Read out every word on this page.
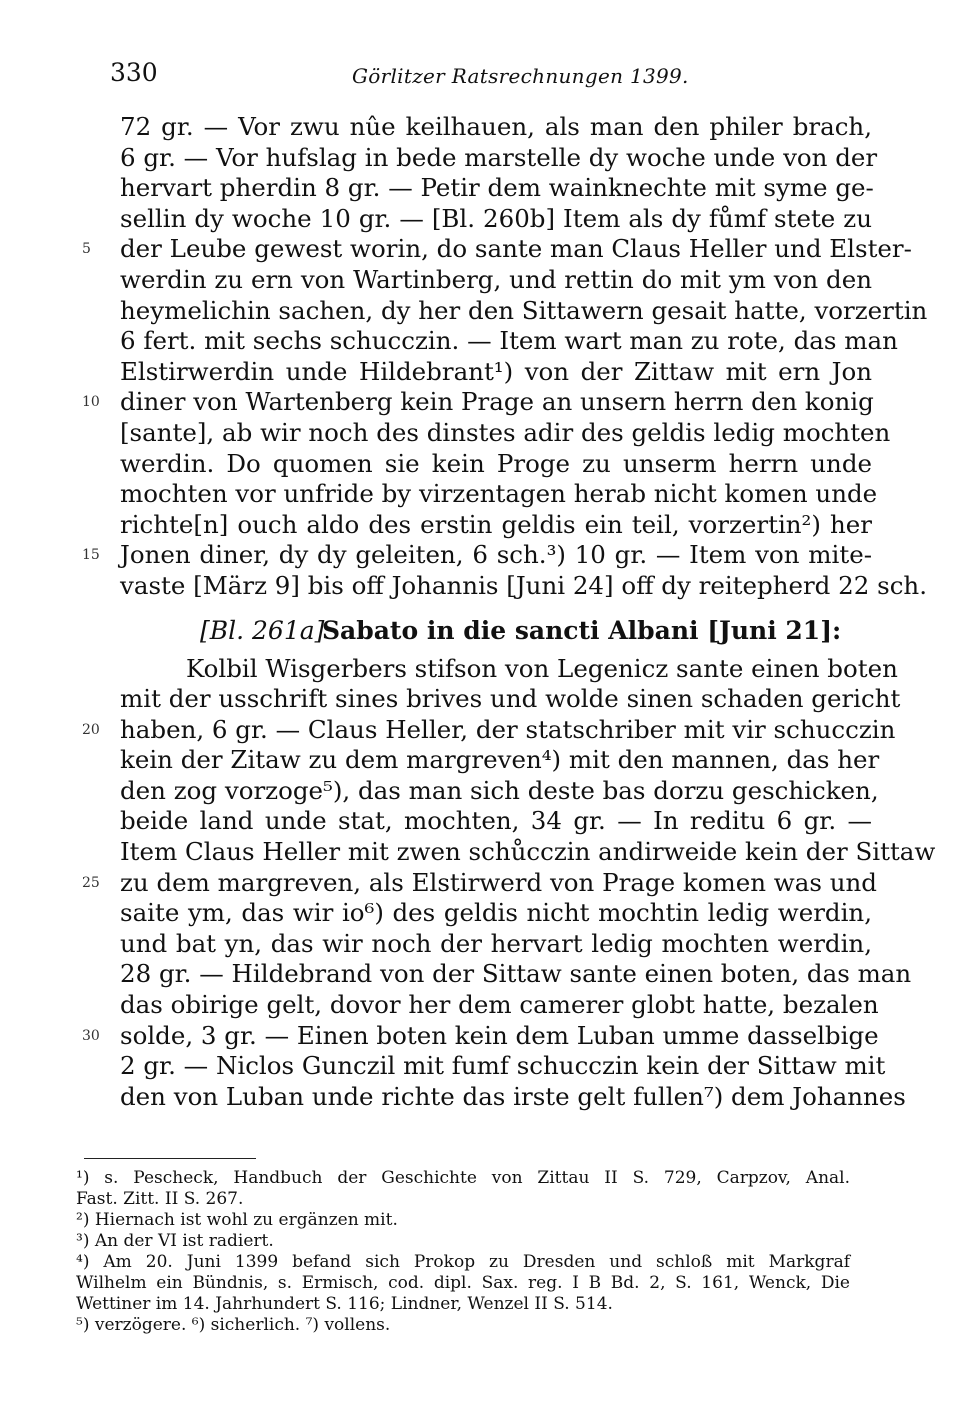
330	Görlitzer Ratsrechnungen 1399.
72 gr. — Vor zwu nûe keilhauen, als man den philer brach,
6 gr. — Vor hufslag in bede marstelle dy woche unde von der
hervart pherdin 8 gr. — Petir dem wainknechte mit syme ge-
sellin dy woche 10 gr. — [Bl. 260b] Item als dy fůmf stete zu
5	der Leube gewest worin, do sante man Claus Heller und Elster-
werdin zu ern von Wartinberg, und rettin do mit ym von den
heymelichin sachen, dy her den Sittawern gesait hatte, vorzertin
6 fert. mit sechs schucczin. — Item wart man zu rote, das man
Elstirwerdin unde Hildebrant¹) von der Zittaw mit ern Jon
10 diner von Wartenberg kein Prage an unsern herrn den konig
[sante], ab wir noch des dinstes adir des geldis ledig mochten
werdin. Do quomen sie kein Proge zu unserm herrn unde
mochten vor unfride by virzentagen herab nicht komen unde
richte[n] ouch aldo des erstin geldis ein teil, vorzertin²) her
15 Jonen diner, dy dy geleiten, 6 sch.³) 10 gr. — Item von mite-
vaste [März 9] bis off Johannis [Juni 24] off dy reitepherd 22 sch.
[Bl. 261a]
Sabato in die sancti Albani [Juni 21]:
Kolbil Wisgerbers stifson von Legenicz sante einen boten
mit der usschrift sines brives und wolde sinen schaden gericht
20 haben, 6 gr. — Claus Heller, der statschriber mit vir schucczin
kein der Zitaw zu dem margreven⁴) mit den mannen, das her
den zog vorzoge⁵), das man sich deste bas dorzu geschicken,
beide land unde stat, mochten, 34 gr. — In reditu 6 gr. —
Item Claus Heller mit zwen schůcczin andirweide kein der Sittaw
25 zu dem margreven, als Elstirwerd von Prage komen was und
saite ym, das wir io⁶) des geldis nicht mochtin ledig werdin,
und bat yn, das wir noch der hervart ledig mochten werdin,
28 gr. — Hildebrand von der Sittaw sante einen boten, das man
das obirige gelt, dovor her dem camerer globt hatte, bezalen
30 solde, 3 gr. — Einen boten kein dem Luban umme dasselbige
2 gr. — Niclos Gunczil mit fumf schucczin kein der Sittaw mit
den von Luban unde richte das irste gelt fullen⁷) dem Johannes
¹) s. Pescheck, Handbuch der Geschichte von Zittau II S. 729, Carpzov, Anal.
Fast. Zitt. II S. 267.
²) Hiernach ist wohl zu ergänzen mit.
³) An der VI ist radiert.
⁴) Am 20. Juni 1399 befand sich Prokop zu Dresden und schloß mit Markgraf
Wilhelm ein Bündnis, s. Ermisch, cod. dipl. Sax. reg. I B Bd. 2, S. 161, Wenck, Die
Wettiner im 14. Jahrhundert S. 116; Lindner, Wenzel II S. 514.
⁵) verzögere. ⁶) sicherlich. ⁷) vollens.
